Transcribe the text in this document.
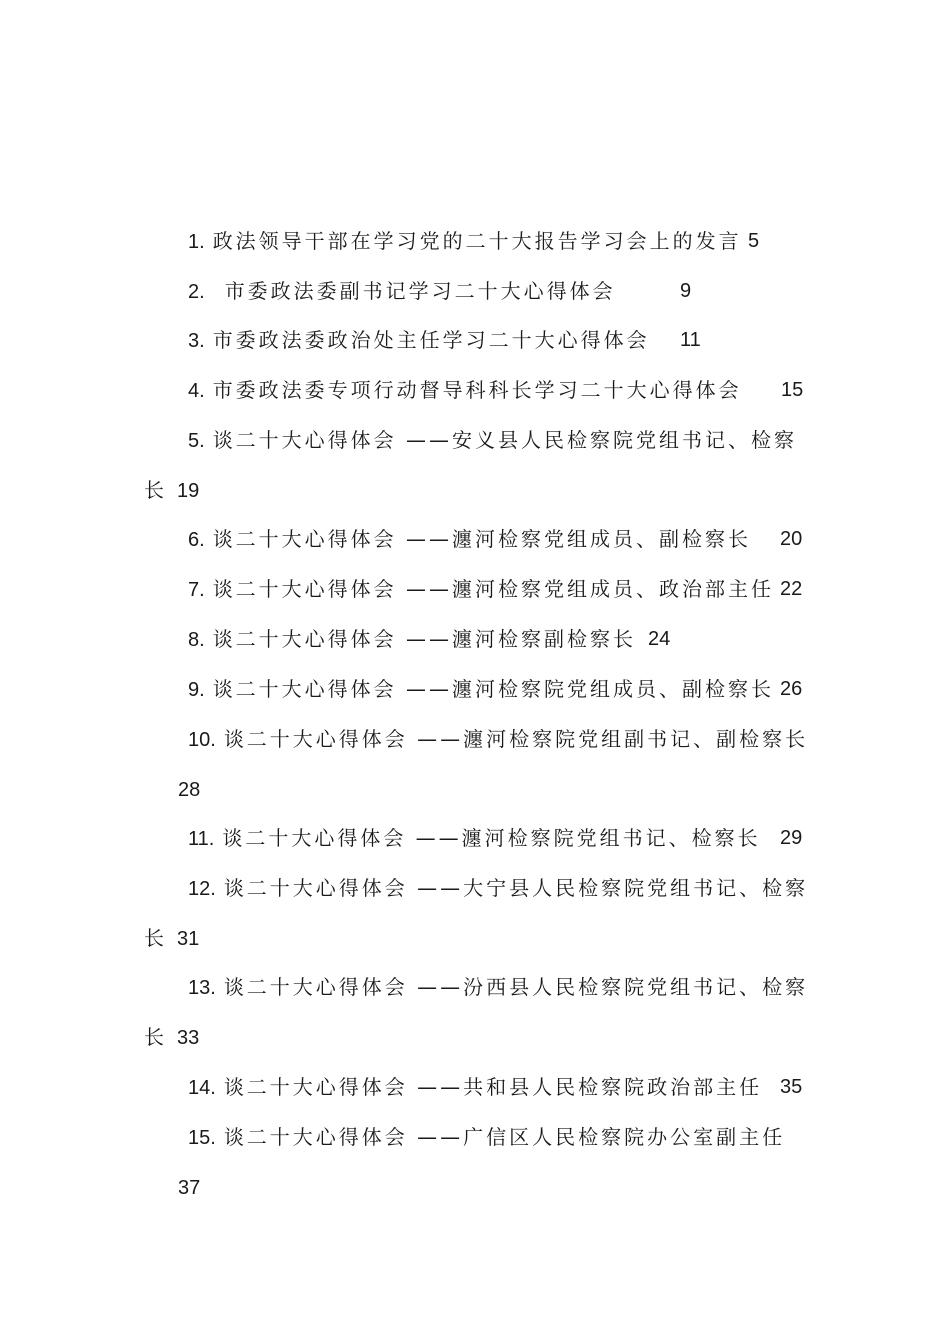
1. 政法领导干部在学习党的二十大报告学习会上的发言 5
2. 市委政法委副书记学习二十大心得体会	9
3. 市委政法委政治处主任学习二十大心得体会 11
4. 市委政法委专项行动督导科科长学习二十大心得体会 15
5. 谈二十大心得体会 ——安义县人民检察院党组书记、检察
长 19
6. 谈二十大心得体会 ——瀍河检察党组成员、副检察长 20
7. 谈二十大心得体会 ——瀍河检察党组成员、政治部主任 22
8. 谈二十大心得体会 ——瀍河检察副检察长 24
9. 谈二十大心得体会 ——瀍河检察院党组成员、副检察长 26
10. 谈二十大心得体会 ——瀍河检察院党组副书记、副检察长
28
11. 谈二十大心得体会 ——瀍河检察院党组书记、检察长 29
12. 谈二十大心得体会 ——大宁县人民检察院党组书记、检察
长 31
13. 谈二十大心得体会 ——汾西县人民检察院党组书记、检察
长 33
14. 谈二十大心得体会 ——共和县人民检察院政治部主任 35
15. 谈二十大心得体会 ——广信区人民检察院办公室副主任
37
